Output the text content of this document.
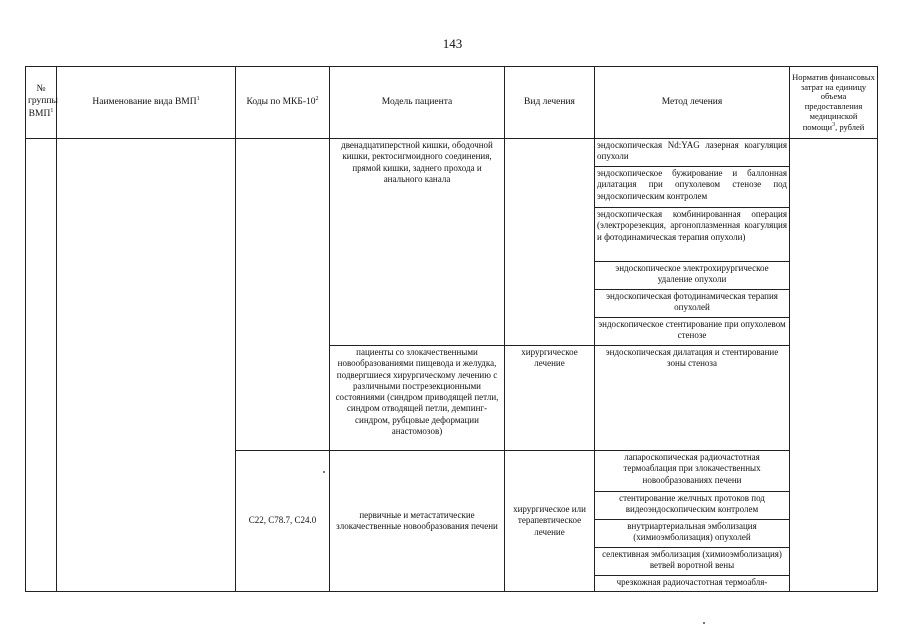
143
№ группы ВМП$^1$	Наименование вида ВМП$^1$	Коды по МКБ-$10^2$	Модель пациента	Вид лечения	Метод лечения	Норматив финансовых затрат на единицу объема предоставления медицинской помощи$^3$, рублей
			двенадцатиперстной кишки, ободочной кишки, ректосигмоидного соединения, прямой кишки, заднего прохода и анального канала		эндоскопическая Nd:YAG лазерная коагуляция опухоли	
					эндоскопическое бужирование и баллонная дилатация при опухолевом стенозе под эндоскопическим контролем	
					эндоскопическая комбинированная операция (электрорезекция, аргоноплазменная коагуляция и фотодинамическая терапия опухоли)	
					эндоскопическое электрохирургическое удаление опухоли	
					эндоскопическая фотодинамическая терапия опухолей	
					эндоскопическое стентирование при опухолевом стенозе	
			пациенты со злокачественными новообразованиями пищевода и желудка, подвергшиеся хирургическому лечению с различными пострезекционными состояниями (синдром приводящей петли, синдром отводящей петли, демпинг-синдром, рубцовые деформации анастомозов)	хирургическое лечение	эндоскопическая дилатация и стентирование зоны стеноза	
		C22, C78.7, C24.0	первичные и метастатические злокачественные новообразования печени	хирургическое или терапевтическое лечение	лапароскопическая радиочастотная термоаблация при злокачественных новообразованиях печени	
					стентирование желчных протоков под видеоэндоскопическим контролем	
					внутриартериальная эмболизация (химиоэмболизация) опухолей	
					селективная эмболизация (химиоэмболизация) ветвей воротной вены	
					чрезкожная радиочастотная термоабля-	
